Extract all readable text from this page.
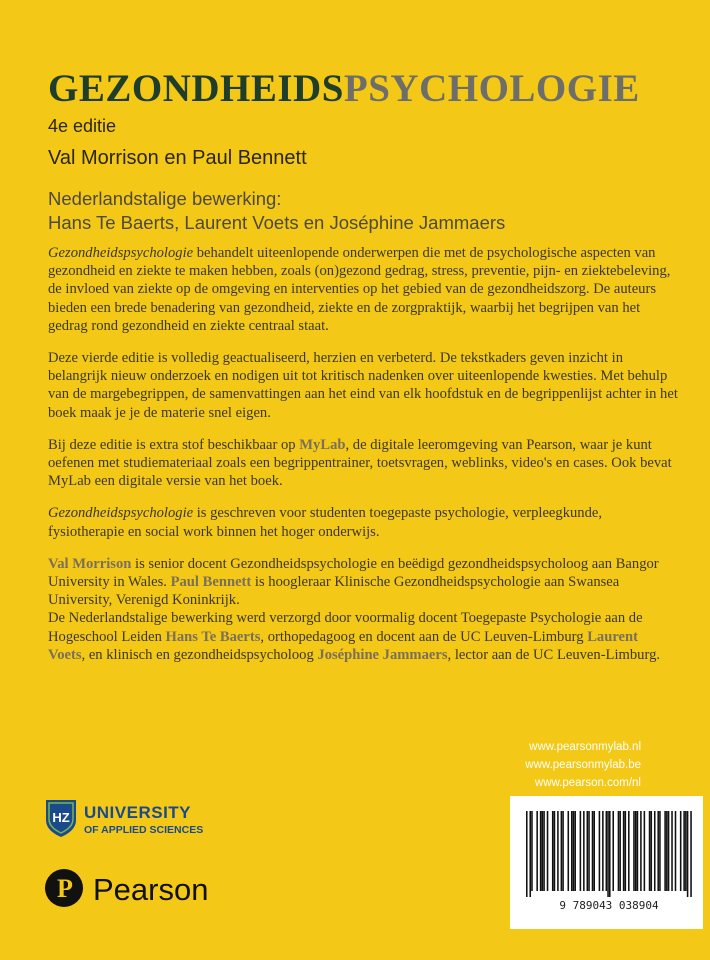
GEZONDHEIDSPSYCHOLOGIE
4e editie
Val Morrison en Paul Bennett
Nederlandstalige bewerking:
Hans Te Baerts, Laurent Voets en Joséphine Jammaers

Gezondheidspsychologie behandelt uiteenlopende onderwerpen die met de psychologische aspecten van gezondheid en ziekte te maken hebben, zoals (on)gezond gedrag, stress, preventie, pijn- en ziektebeleving, de invloed van ziekte op de omgeving en interventies op het gebied van de gezondheidszorg. De auteurs bieden een brede benadering van gezondheid, ziekte en de zorgpraktijk, waarbij het begrijpen van het gedrag rond gezondheid en ziekte centraal staat.

Deze vierde editie is volledig geactualiseerd, herzien en verbeterd. De tekstkaders geven inzicht in belangrijk nieuw onderzoek en nodigen uit tot kritisch nadenken over uiteenlopende kwesties. Met behulp van de margebegrippen, de samenvattingen aan het eind van elk hoofdstuk en de begrippenlijst achter in het boek maak je je de materie snel eigen.

Bij deze editie is extra stof beschikbaar op MyLab, de digitale leeromgeving van Pearson, waar je kunt oefenen met studiemateriaal zoals een begrippentrainer, toetsvragen, weblinks, video's en cases. Ook bevat MyLab een digitale versie van het boek.

Gezondheidspsychologie is geschreven voor studenten toegepaste psychologie, verpleegkunde, fysiotherapie en social work binnen het hoger onderwijs.

Val Morrison is senior docent Gezondheidspsychologie en beëdigd gezondheidspsycholoog aan Bangor University in Wales. Paul Bennett is hoogleraar Klinische Gezondheidspsychologie aan Swansea University, Verenigd Koninkrijk.
De Nederlandstalige bewerking werd verzorgd door voormalig docent Toegepaste Psychologie aan de Hogeschool Leiden Hans Te Baerts, orthopedagoog en docent aan de UC Leuven-Limburg Laurent Voets, en klinisch en gezondheidspsycholoog Joséphine Jammaers, lector aan de UC Leuven-Limburg.

www.pearsonmylab.nl
www.pearsonmylab.be
www.pearson.com/nl
9 789043 038904
HZ UNIVERSITY
OF APPLIED SCIENCES
P Pearson
